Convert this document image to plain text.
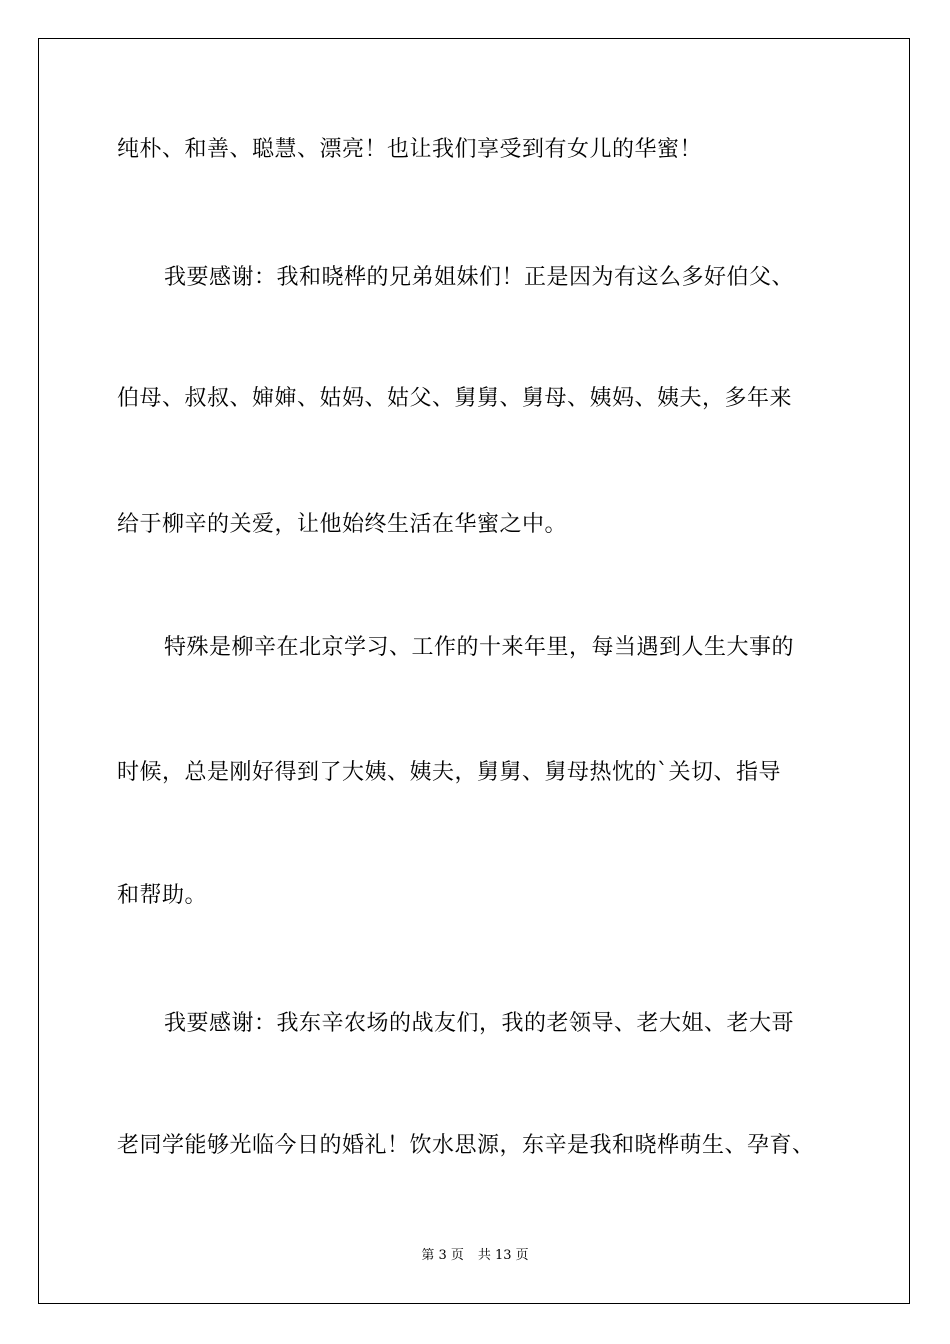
纯朴、和善、聪慧、漂亮！也让我们享受到有女儿的华蜜！
我要感谢：我和晓桦的兄弟姐妹们！正是因为有这么多好伯父、
伯母、叔叔、婶婶、姑妈、姑父、舅舅、舅母、姨妈、姨夫，多年来
给于柳辛的关爱，让他始终生活在华蜜之中。
特殊是柳辛在北京学习、工作的十来年里，每当遇到人生大事的
时候，总是刚好得到了大姨、姨夫，舅舅、舅母热忱的`关切、指导
和帮助。
我要感谢：我东辛农场的战友们，我的老领导、老大姐、老大哥
老同学能够光临今日的婚礼！饮水思源，东辛是我和晓桦萌生、孕育、
第 3 页 共 13 页
